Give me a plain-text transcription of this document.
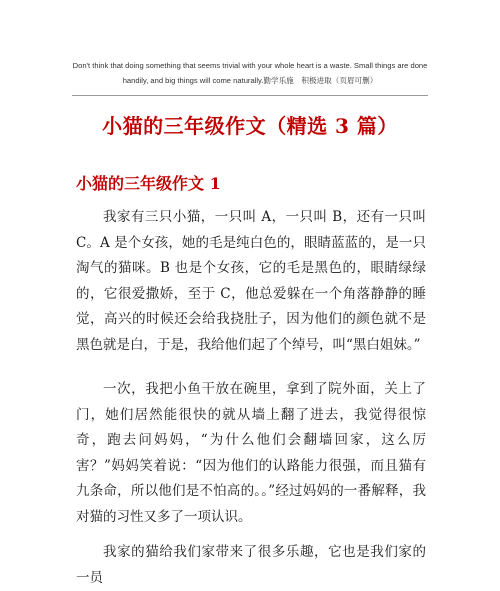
Don't think that doing something that seems trivial with your whole heart is a waste. Small things are done handily, and big things will come naturally.勤学乐施　积极进取（页眉可删）
小猫的三年级作文（精选 3 篇）
小猫的三年级作文 1

我家有三只小猫，一只叫 A，一只叫 B，还有一只叫 C。A 是个女孩，她的毛是纯白色的，眼睛蓝蓝的，是一只淘气的猫咪。B 也是个女孩，它的毛是黑色的，眼睛绿绿的，它很爱撒娇，至于 C，他总爱躲在一个角落静静的睡觉，高兴的时候还会给我挠肚子，因为他们的颜色就不是黑色就是白，于是，我给他们起了个绰号，叫“黑白姐妹。”

一次，我把小鱼干放在碗里，拿到了院外面，关上了门，她们居然能很快的就从墙上翻了进去，我觉得很惊奇，跑去问妈妈，“为什么他们会翻墙回家，这么厉害？”妈妈笑着说：“因为他们的认路能力很强，而且猫有九条命，所以他们是不怕高的。。”经过妈妈的一番解释，我对猫的习性又多了一项认识。

我家的猫给我们家带来了很多乐趣，它也是我们家的一员
